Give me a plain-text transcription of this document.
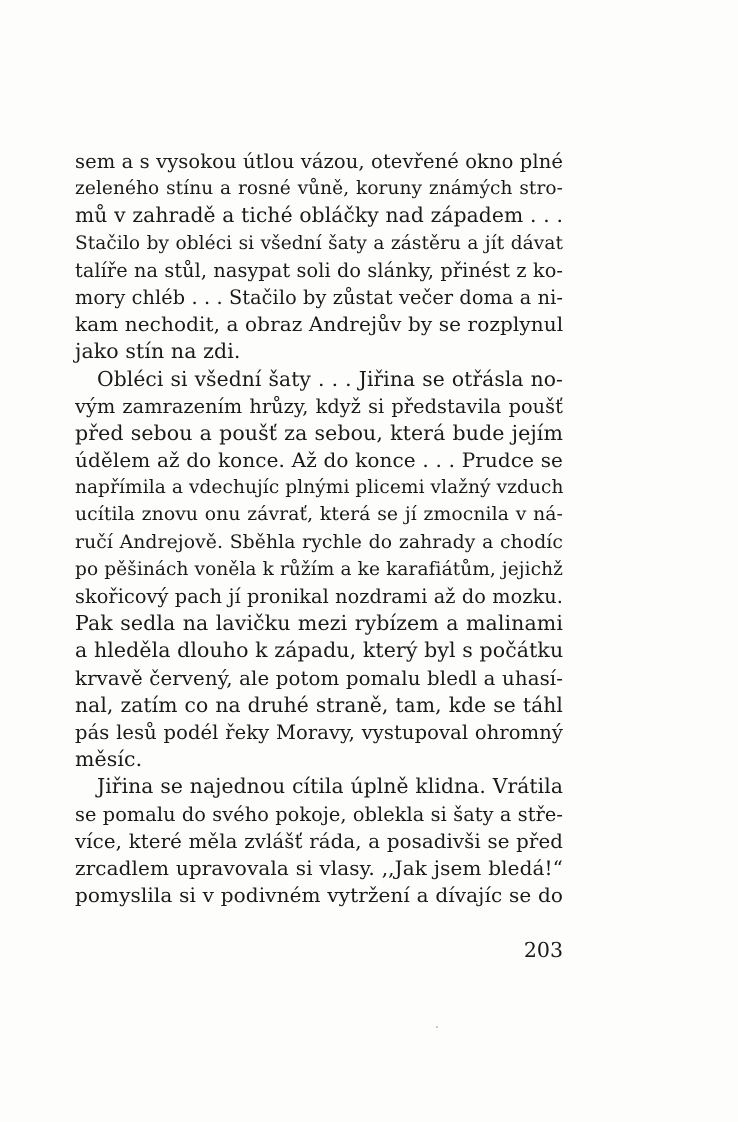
sem a s vysokou útlou vázou, otevřené okno plné
zeleného stínu a rosné vůně, koruny známých stro-
mů v zahradě a tiché obláčky nad západem . . .
Stačilo by obléci si všední šaty a zástěru a jít dávat
talíře na stůl, nasypat soli do slánky, přinést z ko-
mory chléb . . . Stačilo by zůstat večer doma a ni-
kam nechodit, a obraz Andrejův by se rozplynul
jako stín na zdi.
Obléci si všední šaty . . . Jiřina se otřásla no-
vým zamrazením hrůzy, když si představila poušť
před sebou a poušť za sebou, která bude jejím
údělem až do konce. Až do konce . . . Prudce se
napřímila a vdechujíc plnými plicemi vlažný vzduch
ucítila znovu onu závrať, která se jí zmocnila v ná-
ručí Andrejově. Sběhla rychle do zahrady a chodíc
po pěšinách voněla k růžím a ke karafiátům, jejichž
skořicový pach jí pronikal nozdrami až do mozku.
Pak sedla na lavičku mezi rybízem a malinami
a hleděla dlouho k západu, který byl s počátku
krvavě červený, ale potom pomalu bledl a uhasí-
nal, zatím co na druhé straně, tam, kde se táhl
pás lesů podél řeky Moravy, vystupoval ohromný
měsíc.
Jiřina se najednou cítila úplně klidna. Vrátila
se pomalu do svého pokoje, oblekla si šaty a stře-
více, které měla zvlášť ráda, a posadivši se před
zrcadlem upravovala si vlasy. ,,Jak jsem bledá!“
pomyslila si v podivném vytržení a dívajíc se do
203
